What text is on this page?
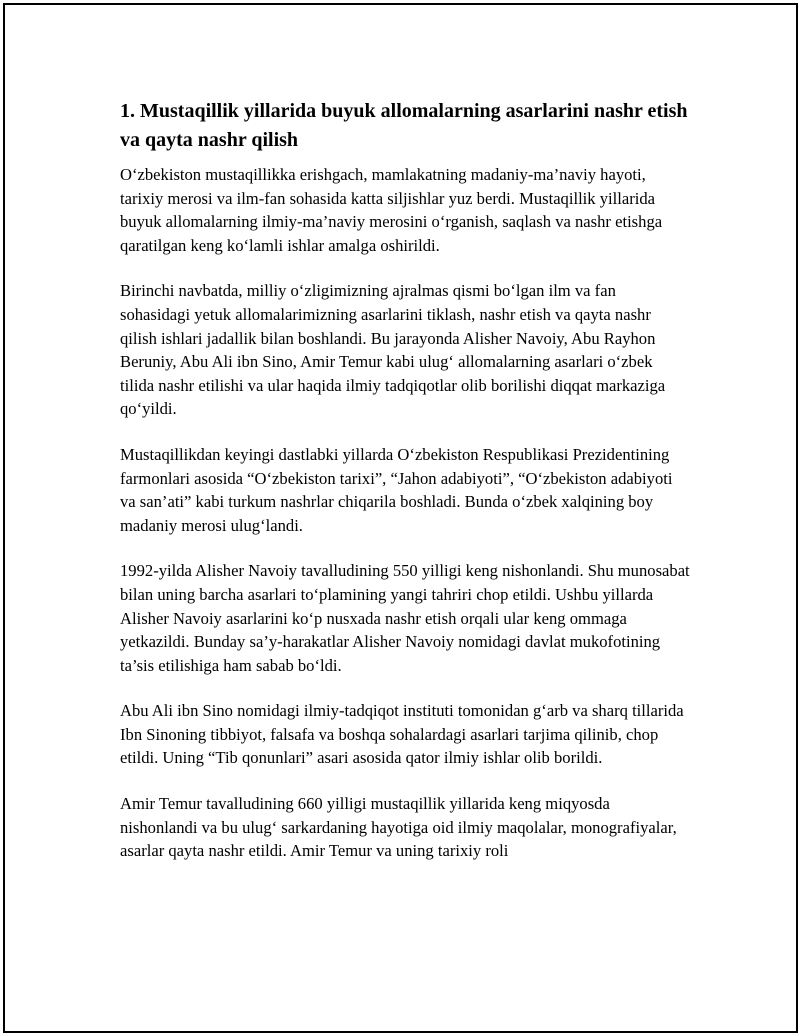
1. Mustaqillik yillarida buyuk allomalarning asarlarini nashr etish va qayta nashr qilish

O‘zbekiston mustaqillikka erishgach, mamlakatning madaniy-ma’naviy hayoti, tarixiy merosi va ilm-fan sohasida katta siljishlar yuz berdi. Mustaqillik yillarida buyuk allomalarning ilmiy-ma’naviy merosini o‘rganish, saqlash va nashr etishga qaratilgan keng ko‘lamli ishlar amalga oshirildi.

Birinchi navbatda, milliy o‘zligimizning ajralmas qismi bo‘lgan ilm va fan sohasidagi yetuk allomalarimizning asarlarini tiklash, nashr etish va qayta nashr qilish ishlari jadallik bilan boshlandi. Bu jarayonda Alisher Navoiy, Abu Rayhon Beruniy, Abu Ali ibn Sino, Amir Temur kabi ulug‘ allomalarning asarlari o‘zbek tilida nashr etilishi va ular haqida ilmiy tadqiqotlar olib borilishi diqqat markaziga qo‘yildi.

Mustaqillikdan keyingi dastlabki yillarda O‘zbekiston Respublikasi Prezidentining farmonlari asosida “O‘zbekiston tarixi”, “Jahon adabiyoti”, “O‘zbekiston adabiyoti va san’ati” kabi turkum nashrlar chiqarila boshladi. Bunda o‘zbek xalqining boy madaniy merosi ulug‘landi.

1992-yilda Alisher Navoiy tavalludining 550 yilligi keng nishonlandi. Shu munosabat bilan uning barcha asarlari to‘plamining yangi tahriri chop etildi. Ushbu yillarda Alisher Navoiy asarlarini ko‘p nusxada nashr etish orqali ular keng ommaga yetkazildi. Bunday sa’y-harakatlar Alisher Navoiy nomidagi davlat mukofotining ta’sis etilishiga ham sabab bo‘ldi.

Abu Ali ibn Sino nomidagi ilmiy-tadqiqot instituti tomonidan g‘arb va sharq tillarida Ibn Sinoning tibbiyot, falsafa va boshqa sohalardagi asarlari tarjima qilinib, chop etildi. Uning “Tib qonunlari” asari asosida qator ilmiy ishlar olib borildi.

Amir Temur tavalludining 660 yilligi mustaqillik yillarida keng miqyosda nishonlandi va bu ulug‘ sarkardaning hayotiga oid ilmiy maqolalar, monografiyalar, asarlar qayta nashr etildi. Amir Temur va uning tarixiy roli
